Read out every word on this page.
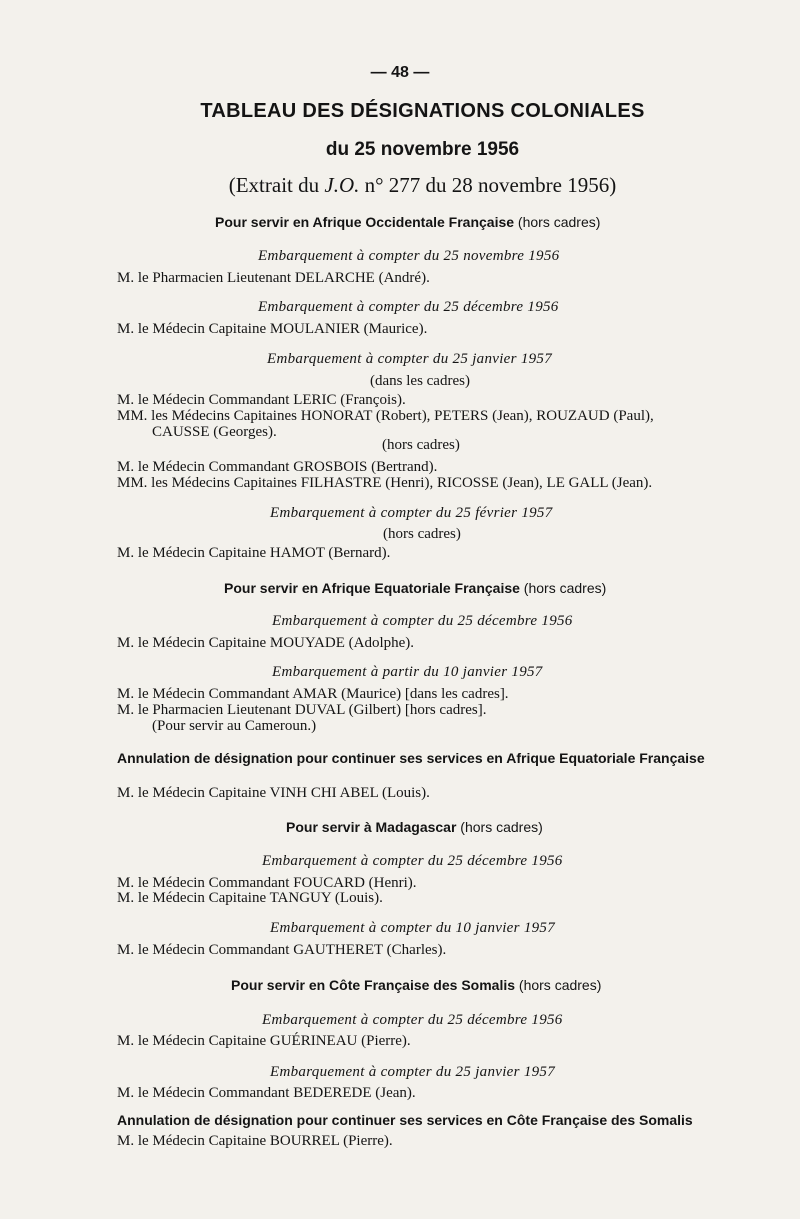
— 48 —
TABLEAU DES DÉSIGNATIONS COLONIALES
du 25 novembre 1956
(Extrait du J.O. n° 277 du 28 novembre 1956)
Pour servir en Afrique Occidentale Française (hors cadres)
Embarquement à compter du 25 novembre 1956
M. le Pharmacien Lieutenant DELARCHE (André).
Embarquement à compter du 25 décembre 1956
M. le Médecin Capitaine MOULANIER (Maurice).
Embarquement à compter du 25 janvier 1957
(dans les cadres)
M. le Médecin Commandant LERIC (François).
MM. les Médecins Capitaines HONORAT (Robert), PETERS (Jean), ROUZAUD (Paul),
CAUSSE (Georges).
(hors cadres)
M. le Médecin Commandant GROSBOIS (Bertrand).
MM. les Médecins Capitaines FILHASTRE (Henri), RICOSSE (Jean), LE GALL (Jean).
Embarquement à compter du 25 février 1957
(hors cadres)
M. le Médecin Capitaine HAMOT (Bernard).
Pour servir en Afrique Equatoriale Française (hors cadres)
Embarquement à compter du 25 décembre 1956
M. le Médecin Capitaine MOUYADE (Adolphe).
Embarquement à partir du 10 janvier 1957
M. le Médecin Commandant AMAR (Maurice) [dans les cadres].
M. le Pharmacien Lieutenant DUVAL (Gilbert) [hors cadres].
(Pour servir au Cameroun.)
Annulation de désignation pour continuer ses services en Afrique Equatoriale Française
M. le Médecin Capitaine VINH CHI ABEL (Louis).
Pour servir à Madagascar (hors cadres)
Embarquement à compter du 25 décembre 1956
M. le Médecin Commandant FOUCARD (Henri).
M. le Médecin Capitaine TANGUY (Louis).
Embarquement à compter du 10 janvier 1957
M. le Médecin Commandant GAUTHERET (Charles).
Pour servir en Côte Française des Somalis (hors cadres)
Embarquement à compter du 25 décembre 1956
M. le Médecin Capitaine GUÉRINEAU (Pierre).
Embarquement à compter du 25 janvier 1957
M. le Médecin Commandant BEDEREDE (Jean).
Annulation de désignation pour continuer ses services en Côte Française des Somalis
M. le Médecin Capitaine BOURREL (Pierre).
